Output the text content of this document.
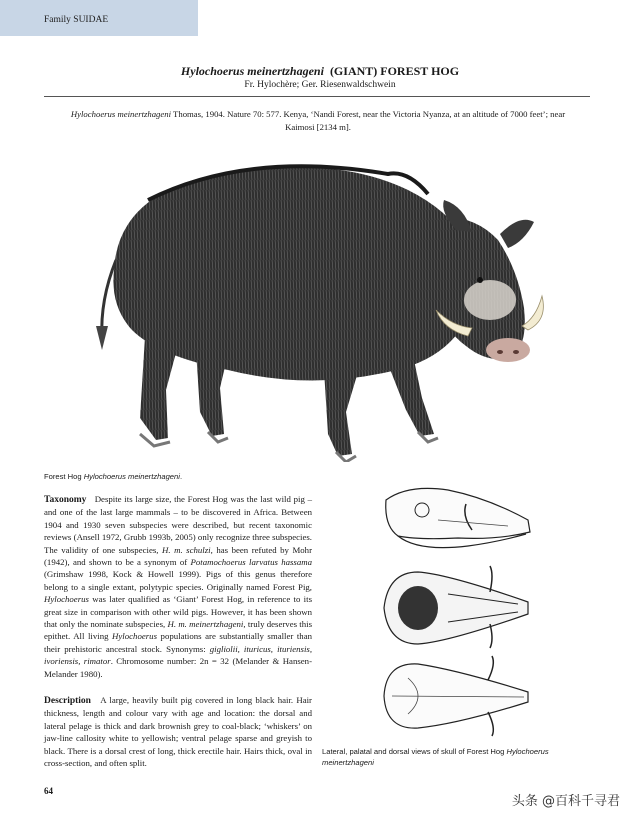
Family SUIDAE
Hylochoerus meinertzhageni (GIANT) FOREST HOG
Fr. Hylochère; Ger. Riesenwaldschwein
Hylochoerus meinertzhageni Thomas, 1904. Nature 70: 577. Kenya, ‘Nandi Forest, near the Victoria Nyanza, at an altitude of 7000 feet’; near Kaimosi [2134 m].
Forest Hog Hylochoerus meinertzhageni.
Taxonomy Despite its large size, the Forest Hog was the last wild pig – and one of the last large mammals – to be discovered in Africa. Between 1904 and 1930 seven subspecies were described, but recent taxonomic reviews (Ansell 1972, Grubb 1993b, 2005) only recognize three subspecies. The validity of one subspecies, H. m. schulzi, has been refuted by Mohr (1942), and shown to be a synonym of Potamochoerus larvatus hassama (Grimshaw 1998, Kock & Howell 1999). Pigs of this genus therefore belong to a single extant, polytypic species. Originally named Forest Pig, Hylochoerus was later qualified as ‘Giant’ Forest Hog, in reference to its great size in comparison with other wild pigs. However, it has been shown that only the nominate subspecies, H. m. meinertzhageni, truly deserves this epithet. All living Hylochoerus populations are substantially smaller than their prehistoric ancestral stock. Synonyms: gigliolii, ituricus, ituriensis, ivoriensis, rimator. Chromosome number: 2n = 32 (Melander & Hansen-Melander 1980).
Description A large, heavily built pig covered in long black hair. Hair thickness, length and colour vary with age and location: the dorsal and lateral pelage is thick and dark brownish grey to coal-black; ‘whiskers’ on jaw-line callosity white to yellowish; ventral pelage sparse and greyish to black. There is a dorsal crest of long, thick erectile hair. Hairs thick, oval in cross-section, and often split.
Lateral, palatal and dorsal views of skull of Forest Hog Hylochoerus meinertzhageni
64
头条 @百科千寻君
